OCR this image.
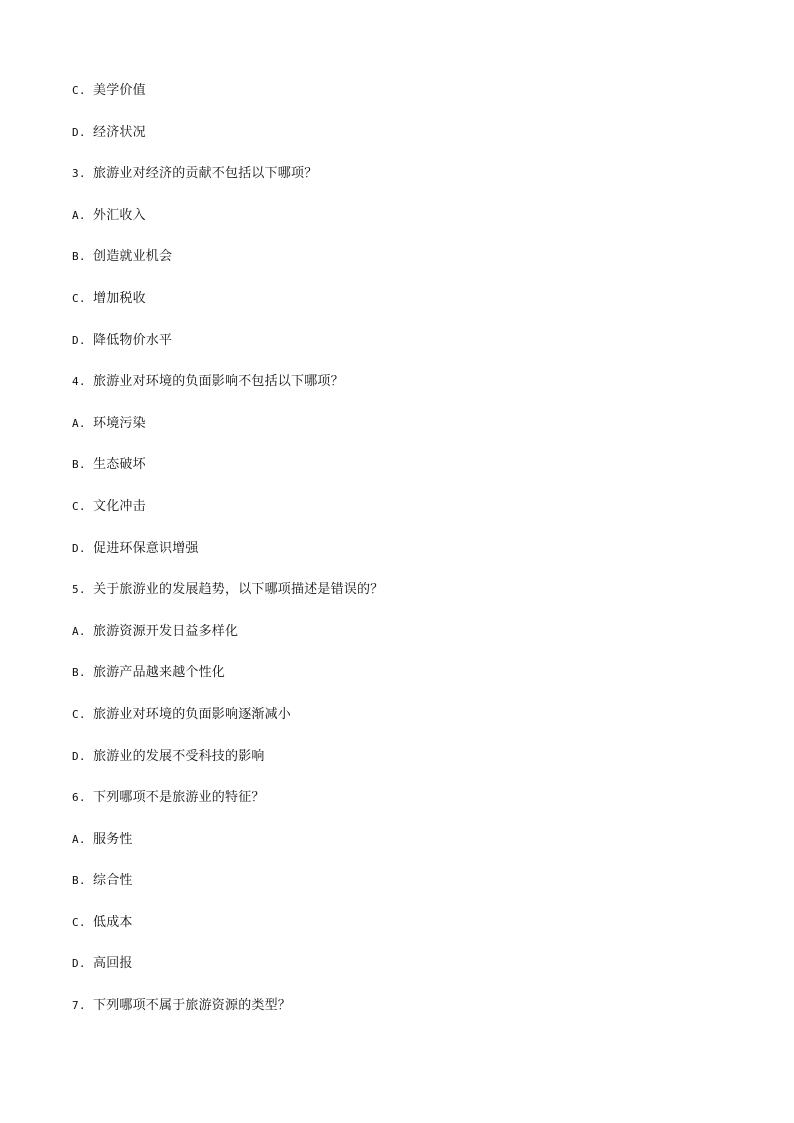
C. 美学价值
D. 经济状况
3. 旅游业对经济的贡献不包括以下哪项？
A. 外汇收入
B. 创造就业机会
C. 增加税收
D. 降低物价水平
4. 旅游业对环境的负面影响不包括以下哪项？
A. 环境污染
B. 生态破坏
C. 文化冲击
D. 促进环保意识增强
5. 关于旅游业的发展趋势，以下哪项描述是错误的？
A. 旅游资源开发日益多样化
B. 旅游产品越来越个性化
C. 旅游业对环境的负面影响逐渐减小
D. 旅游业的发展不受科技的影响
6. 下列哪项不是旅游业的特征？
A. 服务性
B. 综合性
C. 低成本
D. 高回报
7. 下列哪项不属于旅游资源的类型？
